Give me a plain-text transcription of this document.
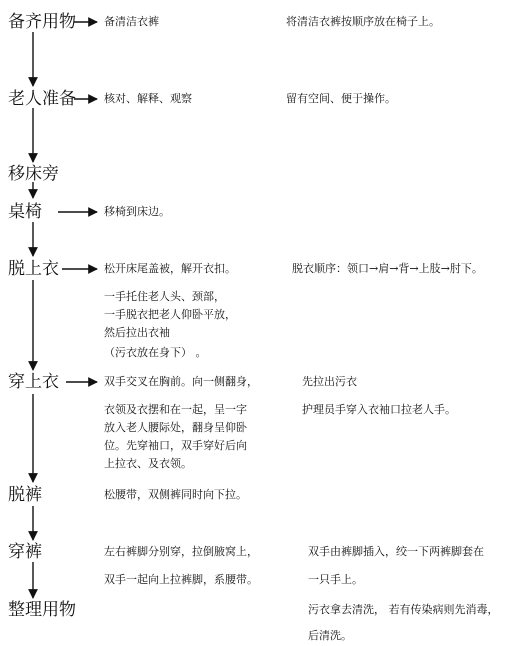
备齐用物
老人准备
移床旁
桌椅
脱上衣
穿上衣
脱裤
穿裤
整理用物
备清洁衣裤	将清洁衣裤按顺序放在椅子上。
核对、解释、观察	留有空间、便于操作。
移椅到床边。
松开床尾盖被，解开衣扣。
一手托住老人头、颈部，
一手脱衣把老人仰卧平放，
然后拉出衣袖
（污衣放在身下） 。
脱衣顺序：领口→肩→背→上肢→肘下。
双手交叉在胸前。向一侧翻身，
衣领及衣摆和在一起，呈一字
放入老人腰际处，翻身呈仰卧
位。先穿袖口，双手穿好后向
上拉衣、及衣领。
先拉出污衣
护理员手穿入衣袖口拉老人手。
松腰带，双侧裤同时向下拉。
左右裤脚分别穿，拉倒腋窝上，
双手一起向上拉裤脚，系腰带。
双手由裤脚插入，绞一下两裤脚套在
一只手上。
污衣拿去清洗， 若有传染病则先消毒，
后清洗。
